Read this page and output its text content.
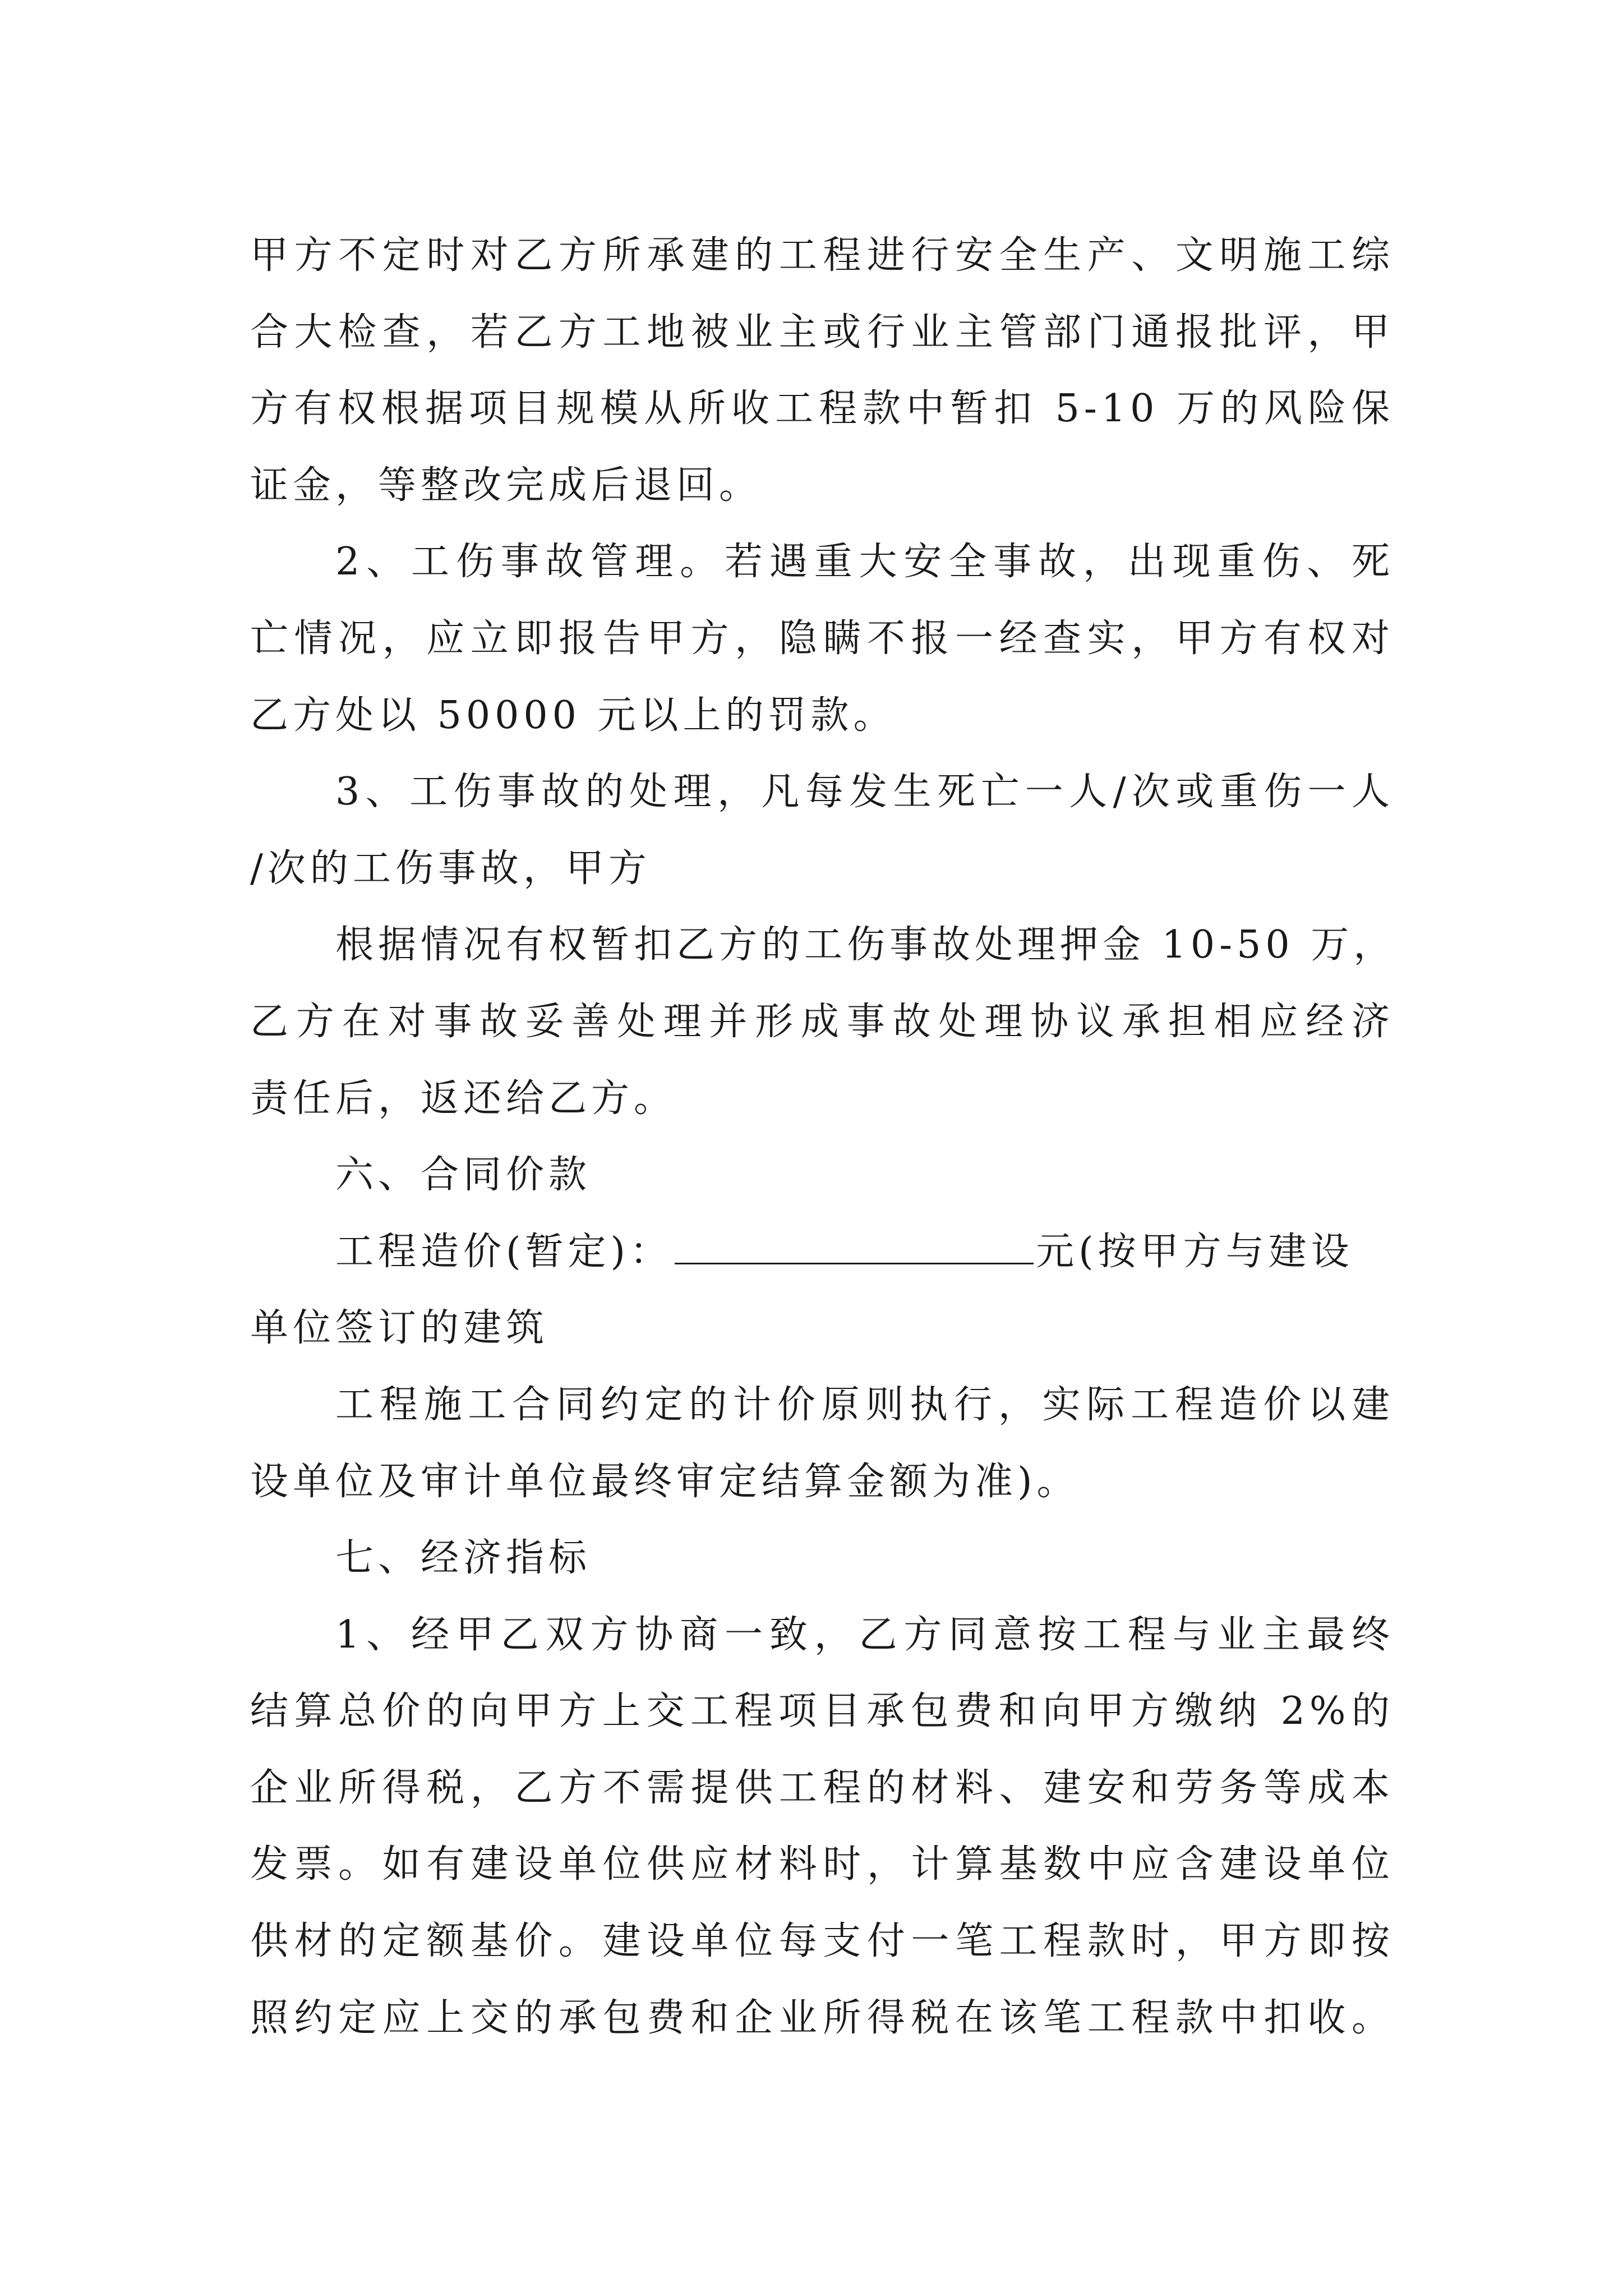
甲方不定时对乙方所承建的工程进行安全生产、文明施工综
合大检查，若乙方工地被业主或行业主管部门通报批评，甲
方有权根据项目规模从所收工程款中暂扣 5-10 万的风险保
证金，等整改完成后退回。
2、工伤事故管理。若遇重大安全事故，出现重伤、死
亡情况，应立即报告甲方，隐瞒不报一经查实，甲方有权对
乙方处以 50000 元以上的罚款。
3、工伤事故的处理，凡每发生死亡一人/次或重伤一人
/次的工伤事故，甲方
根据情况有权暂扣乙方的工伤事故处理押金 10-50 万，
乙方在对事故妥善处理并形成事故处理协议承担相应经济
责任后，返还给乙方。
六、合同价款
工程造价(暂定)：	元(按甲方与建设
单位签订的建筑
工程施工合同约定的计价原则执行，实际工程造价以建
设单位及审计单位最终审定结算金额为准)。
七、经济指标
1、经甲乙双方协商一致，乙方同意按工程与业主最终
结算总价的向甲方上交工程项目承包费和向甲方缴纳 2%的
企业所得税，乙方不需提供工程的材料、建安和劳务等成本
发票。如有建设单位供应材料时，计算基数中应含建设单位
供材的定额基价。建设单位每支付一笔工程款时，甲方即按
照约定应上交的承包费和企业所得税在该笔工程款中扣收。
